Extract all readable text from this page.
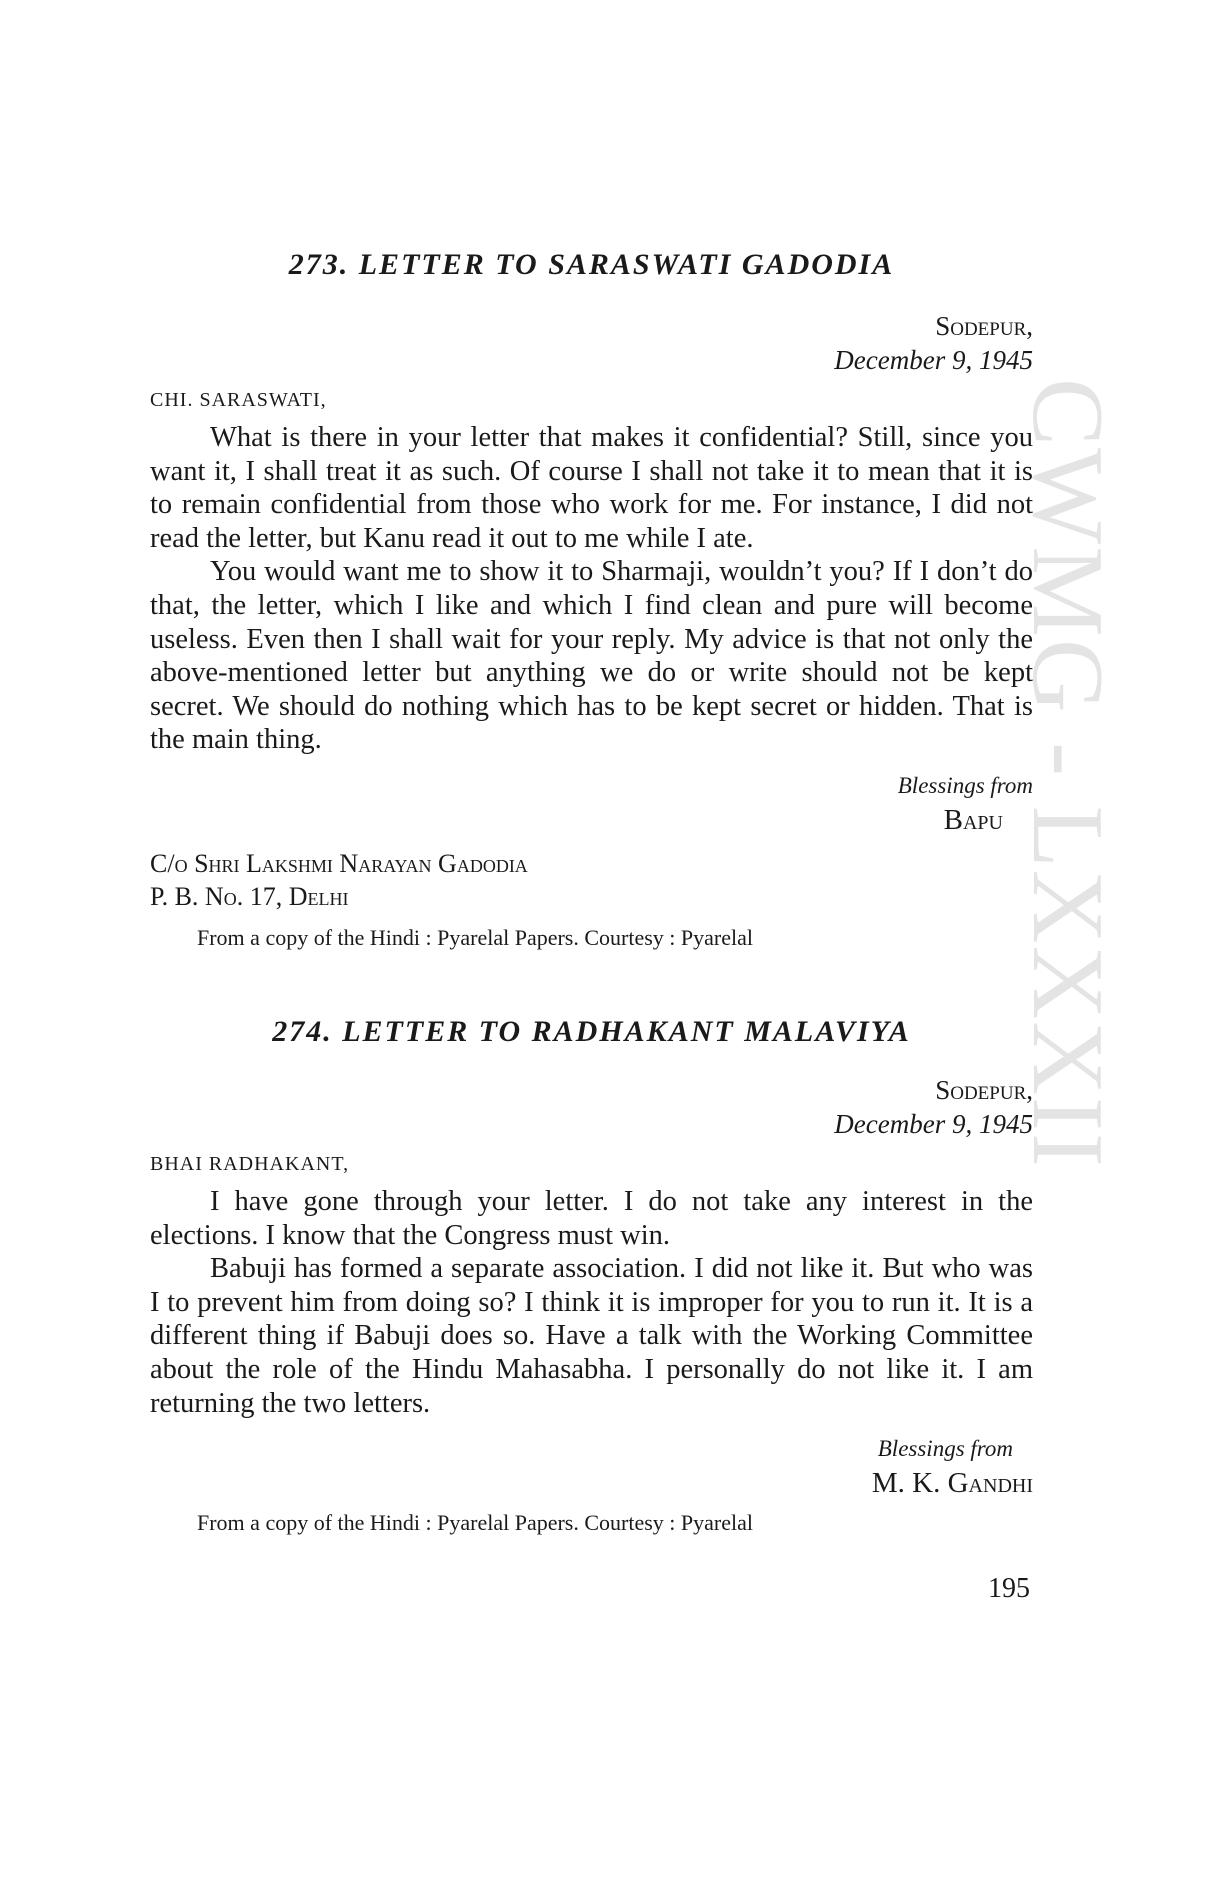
CWMG - LXXXII
273. LETTER TO SARASWATI GADODIA
Sodepur,
December 9, 1945
CHI. SARASWATI,

What is there in your letter that makes it confidential? Still, since you want it, I shall treat it as such. Of course I shall not take it to mean that it is to remain confidential from those who work for me. For instance, I did not read the letter, but Kanu read it out to me while I ate.

You would want me to show it to Sharmaji, wouldn’t you? If I don’t do that, the letter, which I like and which I find clean and pure will become useless. Even then I shall wait for your reply. My advice is that not only the above-mentioned letter but anything we do or write should not be kept secret. We should do nothing which has to be kept secret or hidden. That is the main thing.

Blessings from
Bapu
C/o Shri Lakshmi Narayan Gadodia
P. B. No. 17, Delhi
From a copy of the Hindi : Pyarelal Papers. Courtesy : Pyarelal
274. LETTER TO RADHAKANT MALAVIYA
Sodepur,
December 9, 1945
BHAI RADHAKANT,

I have gone through your letter. I do not take any interest in the elections. I know that the Congress must win.

Babuji has formed a separate association. I did not like it. But who was I to prevent him from doing so? I think it is improper for you to run it. It is a different thing if Babuji does so. Have a talk with the Working Committee about the role of the Hindu Mahasabha. I personally do not like it. I am returning the two letters.

Blessings from
M. K. Gandhi
From a copy of the Hindi : Pyarelal Papers. Courtesy : Pyarelal
195
